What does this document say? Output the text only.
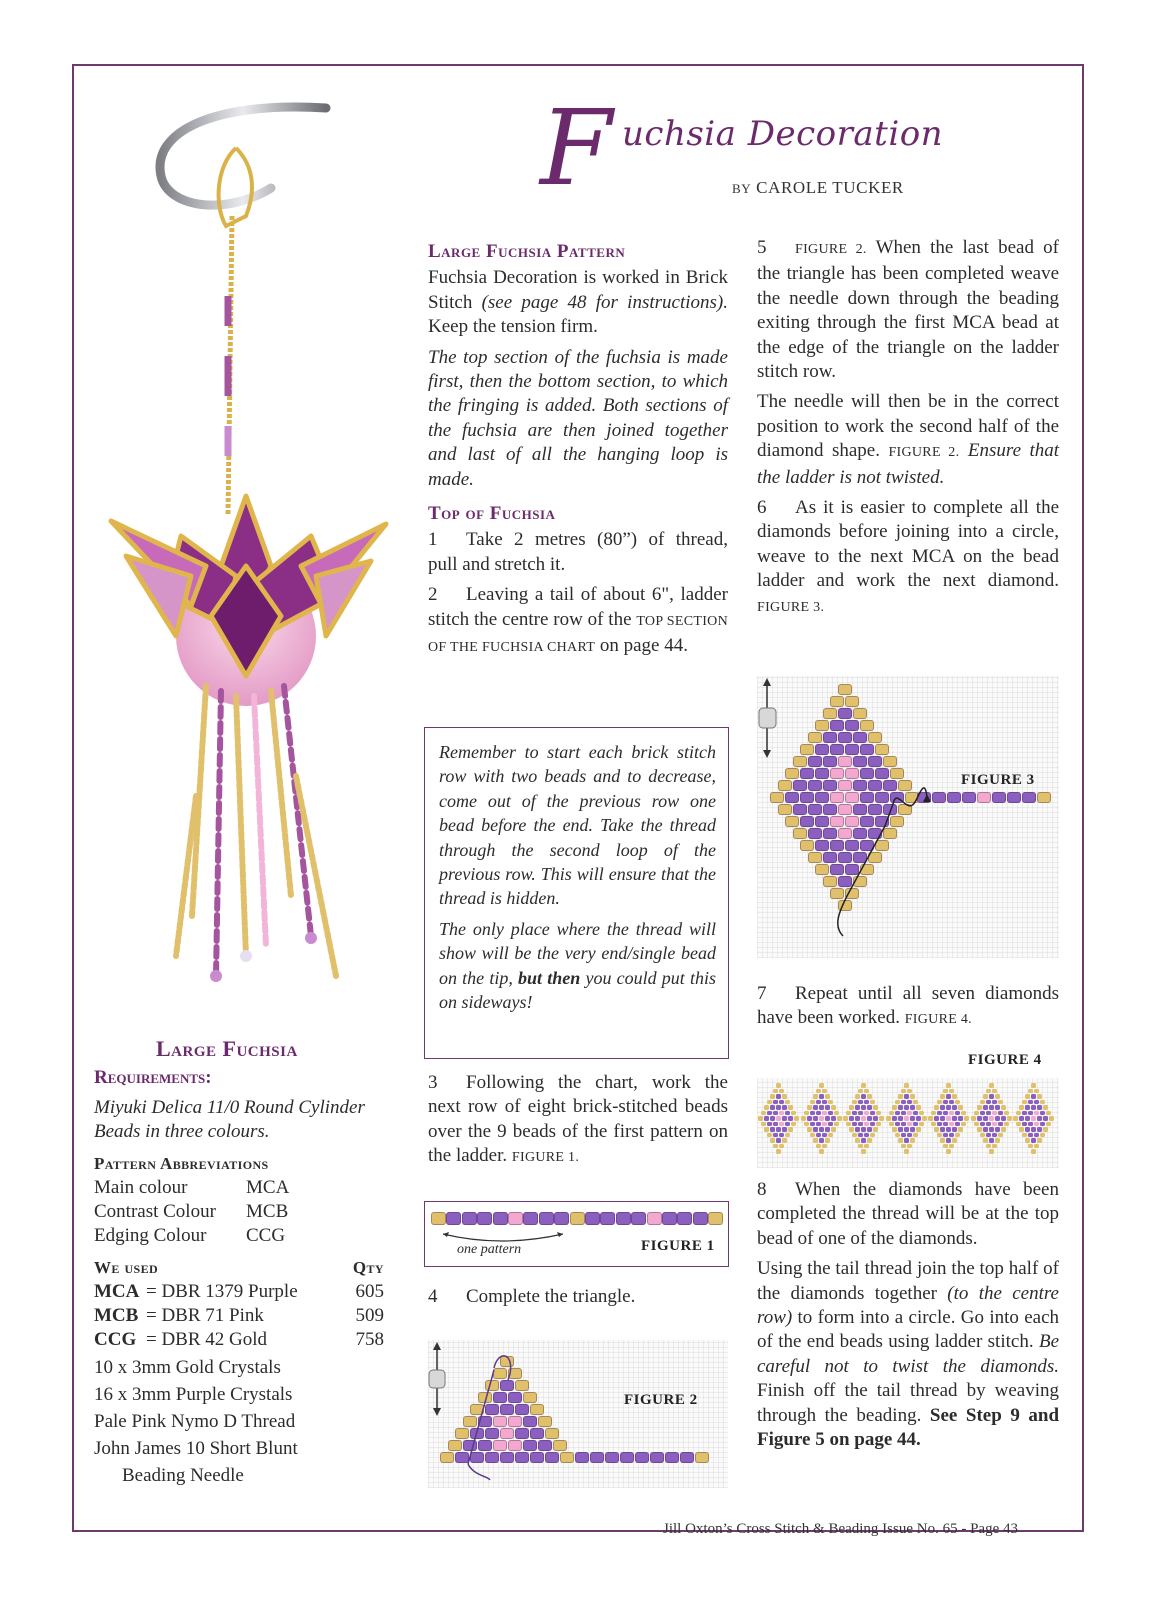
F uchsia Decoration
BY CAROLE TUCKER
Large Fuchsia
Requirements:
Miyuki Delica 11/0 Round Cylinder Beads in three colours.
Pattern Abbreviations
Main colour	MCA
Contrast Colour	MCB
Edging Colour	CCG
We used		Qty
MCA	= DBR 1379 Purple	605
MCB	= DBR 71 Pink	509
CCG	= DBR 42 Gold	758
10 x 3mm Gold Crystals
16 x 3mm Purple Crystals
Pale Pink Nymo D Thread
John James 10 Short Blunt
Beading Needle
Large Fuchsia Pattern

Fuchsia Decoration is worked in Brick Stitch (see page 48 for instructions). Keep the tension firm.

The top section of the fuchsia is made first, then the bottom section, to which the fringing is added. Both sections of the fuchsia are then joined together and last of all the hanging loop is made.

Top of Fuchsia

1 Take 2 metres (80”) of thread, pull and stretch it.

2 Leaving a tail of about 6", ladder stitch the centre row of the TOP SECTION OF THE FUCHSIA CHART on page 44.

Remember to start each brick stitch row with two beads and to decrease, come out of the previous row one bead before the end. Take the thread through the second loop of the previous row. This will ensure that the thread is hidden.

The only place where the thread will show will be the very end/single bead on the tip, but then you could put this on sideways!

3 Following the chart, work the next row of eight brick-stitched beads over the 9 beads of the first pattern on the ladder. FIGURE 1.

one pattern	FIGURE 1

4 Complete the triangle.

FIGURE 2

5 FIGURE 2. When the last bead of the triangle has been completed weave the needle down through the beading exiting through the first MCA bead at the edge of the triangle on the ladder stitch row.

The needle will then be in the correct position to work the second half of the diamond shape. FIGURE 2. Ensure that the ladder is not twisted.

6 As it is easier to complete all the diamonds before joining into a circle, weave to the next MCA on the bead ladder and work the next diamond. FIGURE 3.

FIGURE 3

7 Repeat until all seven diamonds have been worked. FIGURE 4.

FIGURE 4

8 When the diamonds have been completed the thread will be at the top bead of one of the diamonds.

Using the tail thread join the top half of the diamonds together (to the centre row) to form into a circle. Go into each of the end beads using ladder stitch. Be careful not to twist the diamonds. Finish off the tail thread by weaving through the beading. See Step 9 and Figure 5 on page 44.

Jill Oxton’s Cross Stitch & Beading Issue No. 65 - Page 43
